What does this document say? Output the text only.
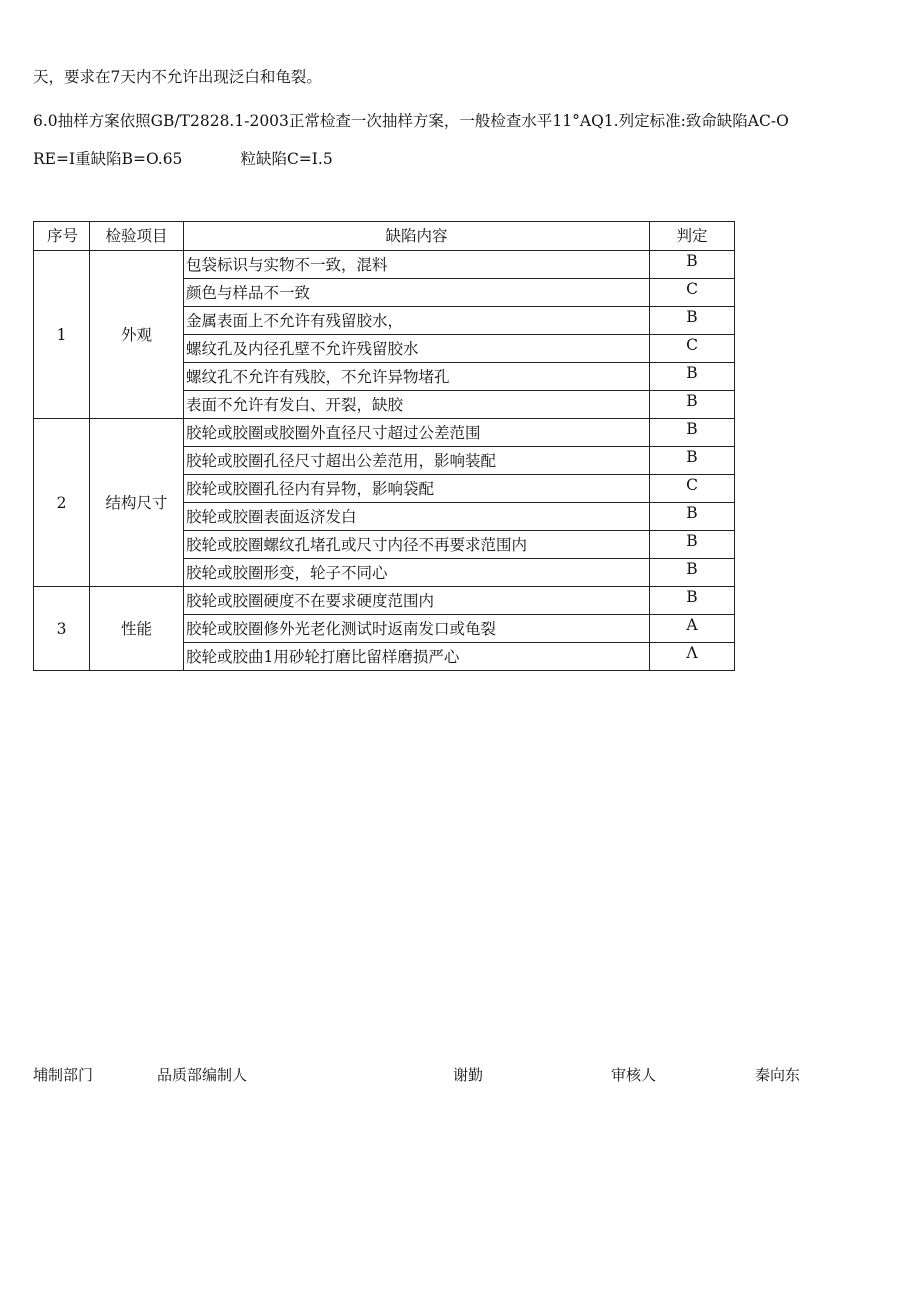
天，要求在7天内不允许出现泛白和龟裂。
6.0抽样方案依照GB/T2828.1-2003正常检查一次抽样方案，一般检查水平11°AQ1.列定标准:致命缺陷AC-O
RE=I重缺陷B=O.65	粒缺陷C=I.5
序号	检验项目	缺陷内容	判定
1	外观	包袋标识与实物不一致，混料	B
		颜色与样品不一致	C
		金属表面上不允许有残留胶水，	B
		螺纹孔及内径孔壁不允许残留胶水	C
		螺纹孔不允许有残胶，不允许异物堵孔	B
		表面不允许有发白、开裂，缺胶	B
2	结构尺寸	胶轮或胶圈或胶圈外直径尺寸超过公差范围	B
		胶轮或胶圈孔径尺寸超出公差范用，影响装配	B
		胶轮或胶圈孔径内有异物，影响袋配	C
		胶轮或胶圈表面返济发白	B
		胶轮或胶圈螺纹孔堵孔或尺寸内径不再要求范围内	B
		胶轮或胶圈形变，轮子不同心	B
3	性能	胶轮或胶圈硬度不在要求硬度范围内	B
		胶轮或胶圈修外光老化测试时返南发口或龟裂	A
		胶轮或胶曲1用砂轮打磨比留样磨损严心	Λ
埔制部门	品质部编制人	谢勤	审核人	秦向东
